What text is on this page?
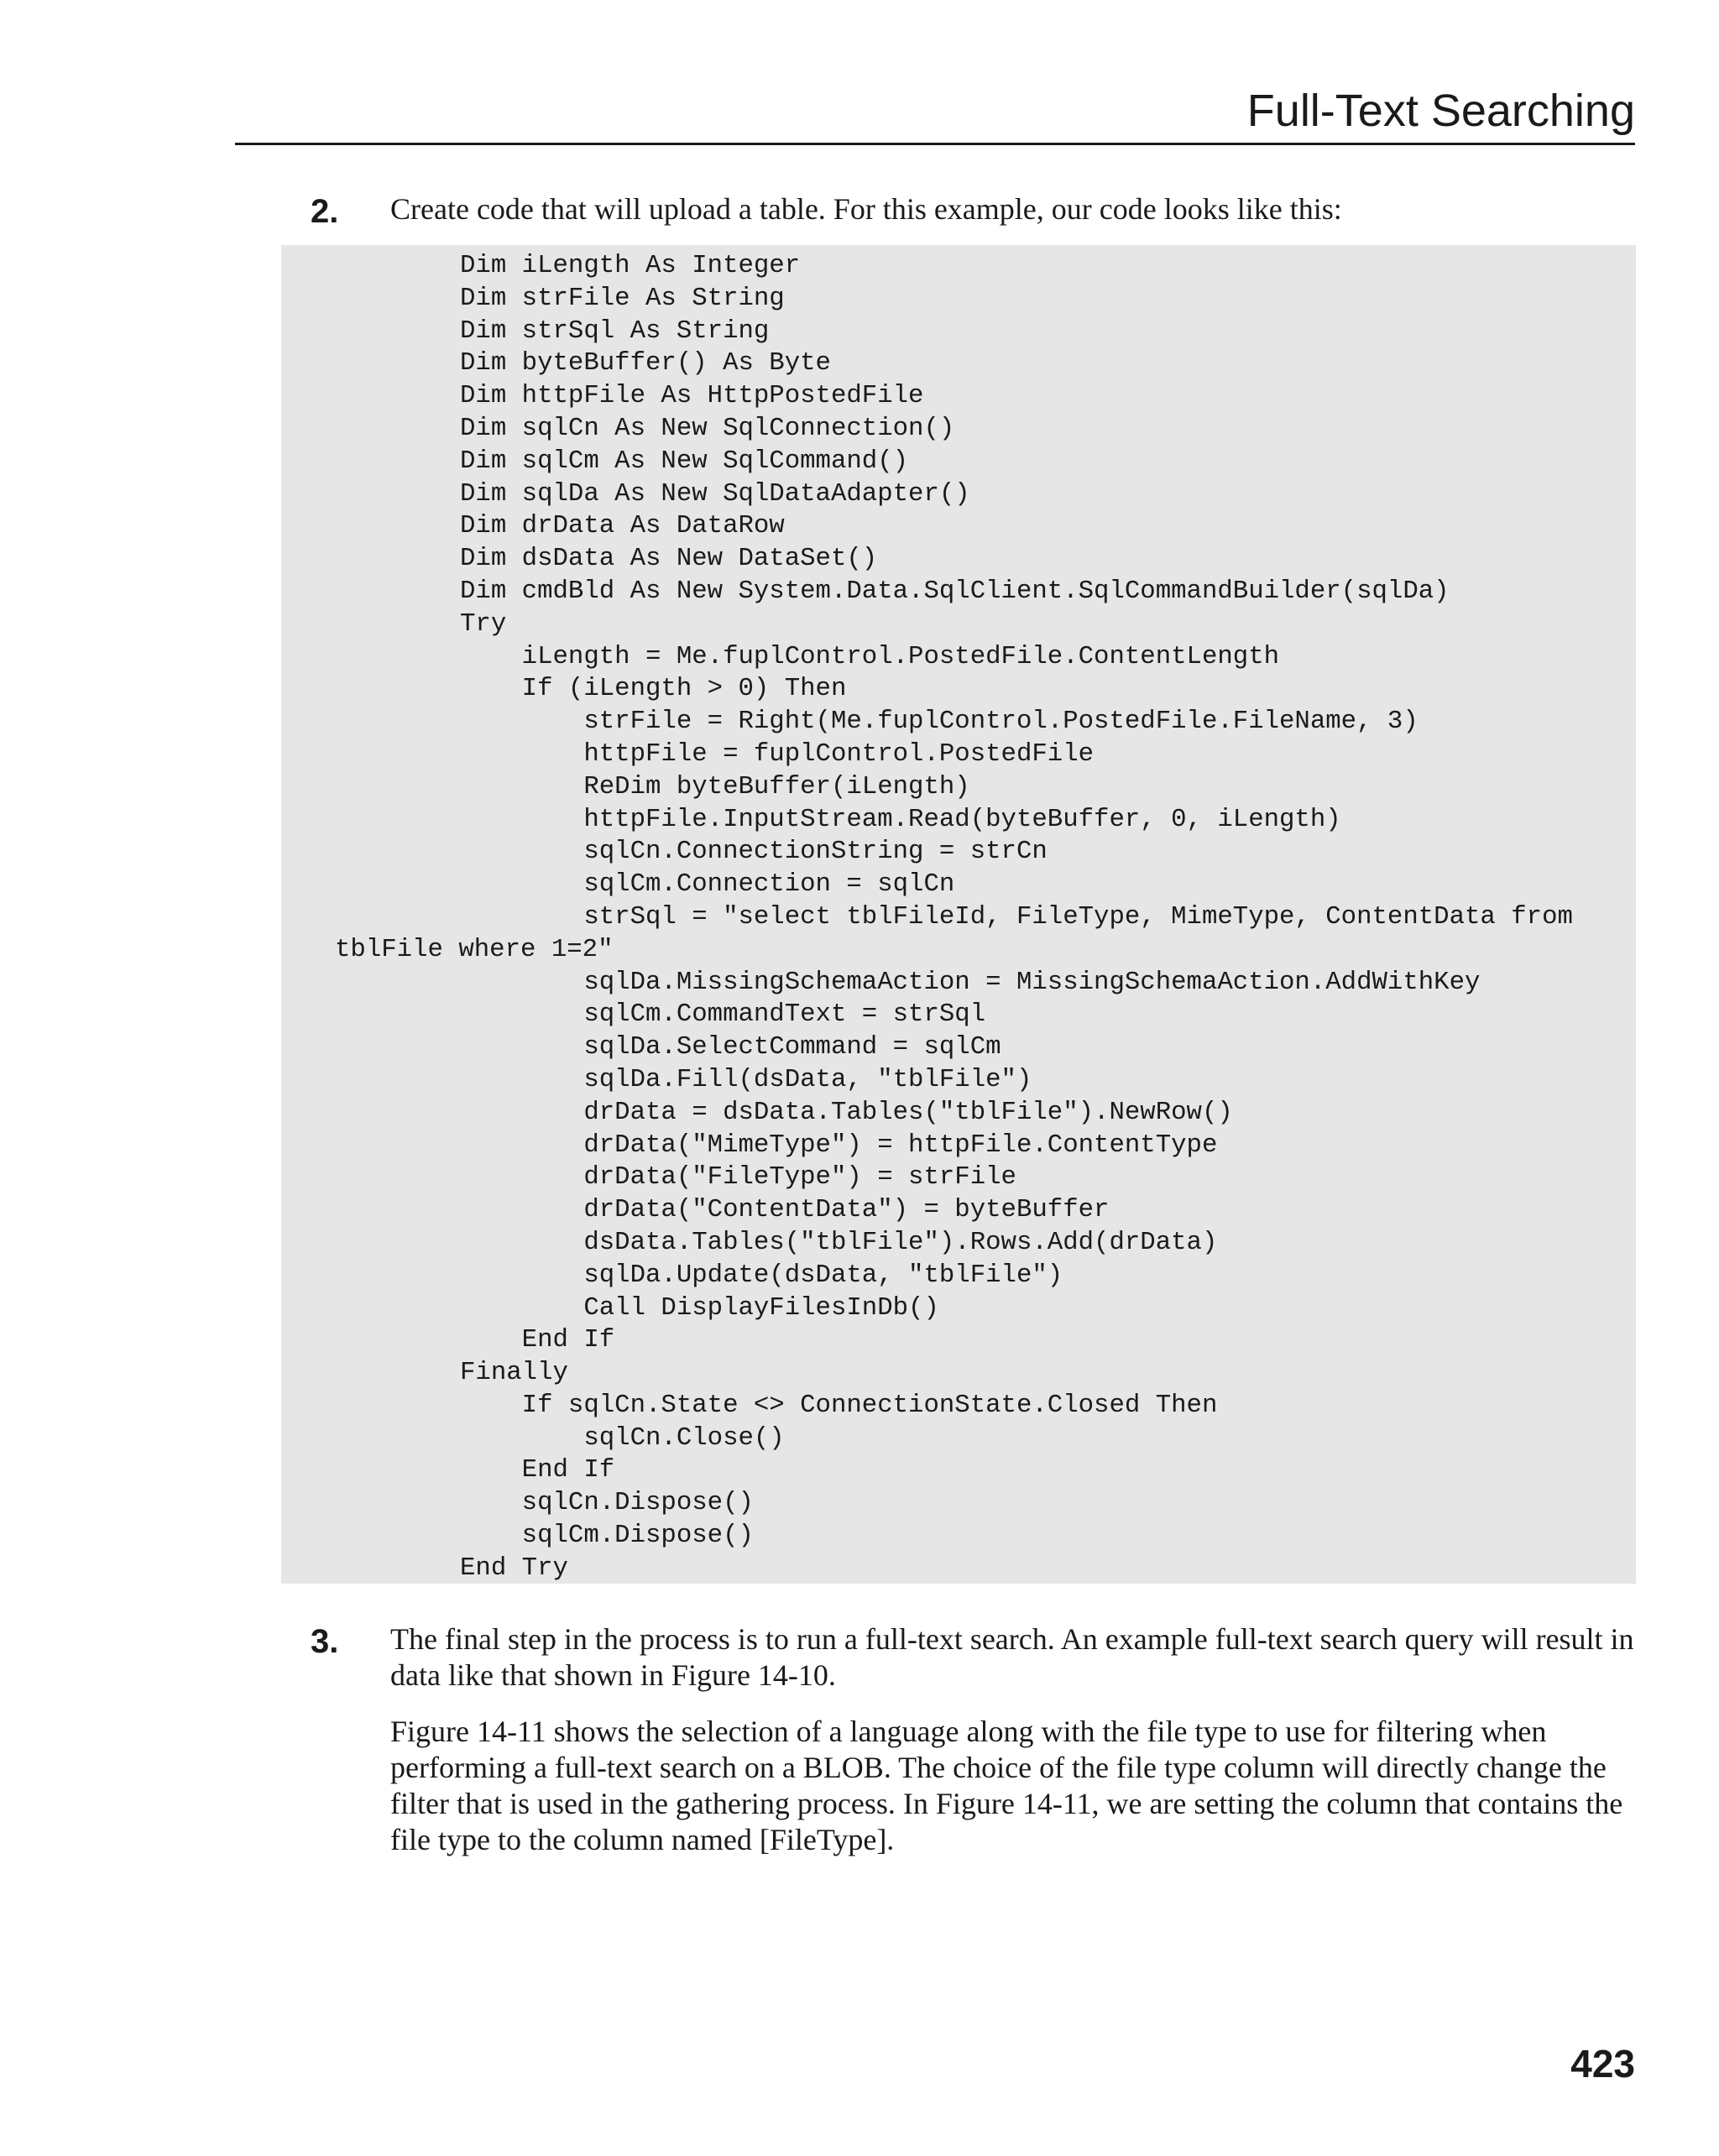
Full-Text Searching
2. Create code that will upload a table. For this example, our code looks like this:
Dim iLength As Integer
Dim strFile As String
Dim strSql As String
Dim byteBuffer() As Byte
Dim httpFile As HttpPostedFile
Dim sqlCn As New SqlConnection()
Dim sqlCm As New SqlCommand()
Dim sqlDa As New SqlDataAdapter()
Dim drData As DataRow
Dim dsData As New DataSet()
Dim cmdBld As New System.Data.SqlClient.SqlCommandBuilder(sqlDa)
Try
iLength = Me.fuplControl.PostedFile.ContentLength
If (iLength > 0) Then
strFile = Right(Me.fuplControl.PostedFile.FileName, 3)
httpFile = fuplControl.PostedFile
ReDim byteBuffer(iLength)
httpFile.InputStream.Read(byteBuffer, 0, iLength)
sqlCn.ConnectionString = strCn
sqlCm.Connection = sqlCn
strSql = "select tblFileId, FileType, MimeType, ContentData from
tblFile where 1=2"
sqlDa.MissingSchemaAction = MissingSchemaAction.AddWithKey
sqlCm.CommandText = strSql
sqlDa.SelectCommand = sqlCm
sqlDa.Fill(dsData, "tblFile")
drData = dsData.Tables("tblFile").NewRow()
drData("MimeType") = httpFile.ContentType
drData("FileType") = strFile
drData("ContentData") = byteBuffer
dsData.Tables("tblFile").Rows.Add(drData)
sqlDa.Update(dsData, "tblFile")
Call DisplayFilesInDb()
End If
Finally
If sqlCn.State <> ConnectionState.Closed Then
sqlCn.Close()
End If
sqlCn.Dispose()
sqlCm.Dispose()
End Try
3. The final step in the process is to run a full-text search. An example full-text search query will result in data like that shown in Figure 14-10.
Figure 14-11 shows the selection of a language along with the file type to use for filtering when performing a full-text search on a BLOB. The choice of the file type column will directly change the filter that is used in the gathering process. In Figure 14-11, we are setting the column that contains the file type to the column named [FileType].
423
